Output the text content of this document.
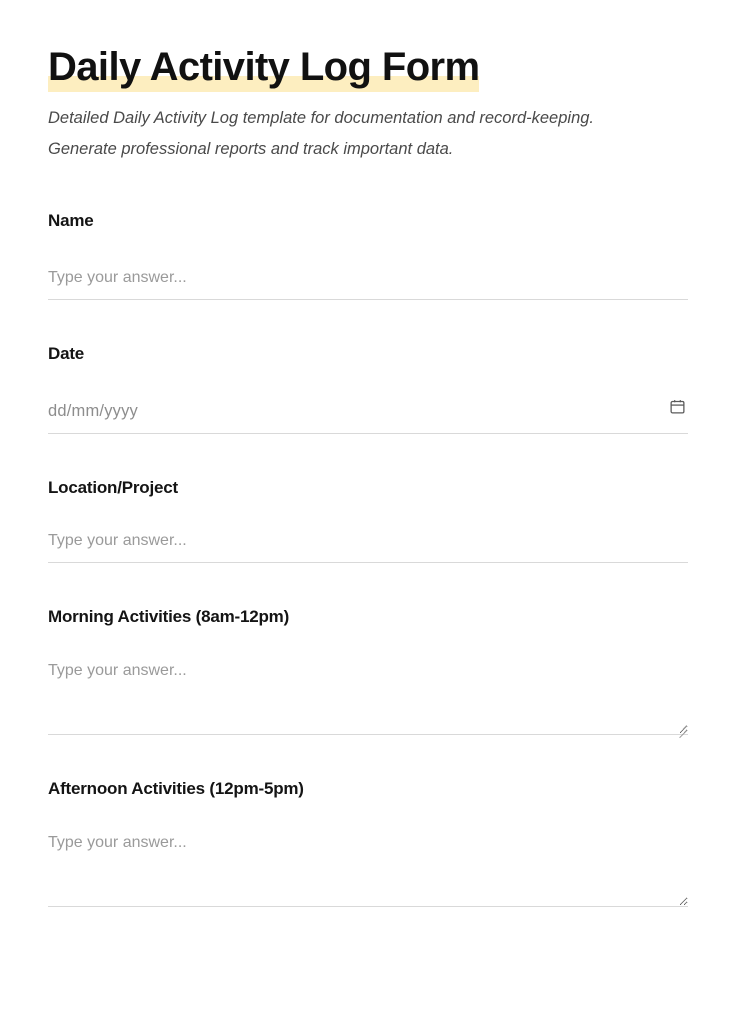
Daily Activity Log Form

Detailed Daily Activity Log template for documentation and record-keeping. Generate professional reports and track important data.

Name
Type your answer...
Date
dd/mm/yyyy
Location/Project
Type your answer...
Morning Activities (8am-12pm)
Type your answer...
Afternoon Activities (12pm-5pm)
Type your answer...
